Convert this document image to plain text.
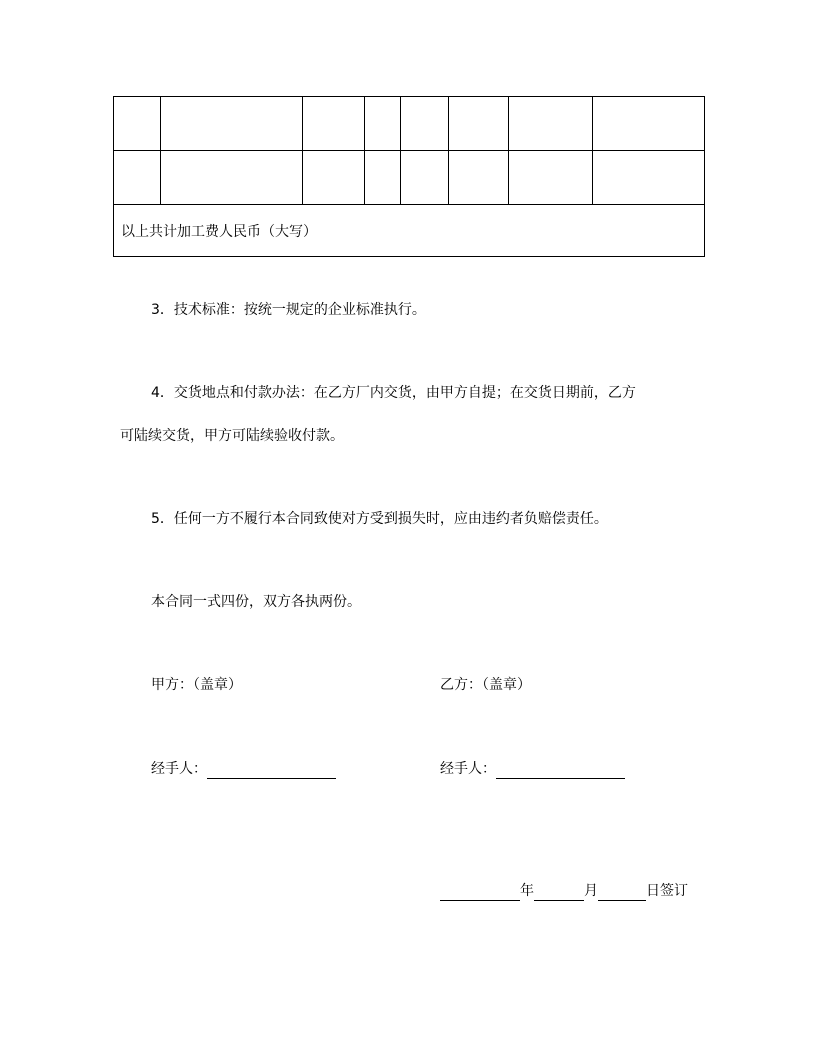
以上共计加工费人民币（大写）							
3．技术标准：按统一规定的企业标准执行。
4．交货地点和付款办法：在乙方厂内交货，由甲方自提；在交货日期前，乙方
可陆续交货，甲方可陆续验收付款。
5．任何一方不履行本合同致使对方受到损失时，应由违约者负赔偿责任。
本合同一式四份，双方各执两份。
甲方：（盖章）	乙方：（盖章）
经手人：	经手人：
年	月	日签订
